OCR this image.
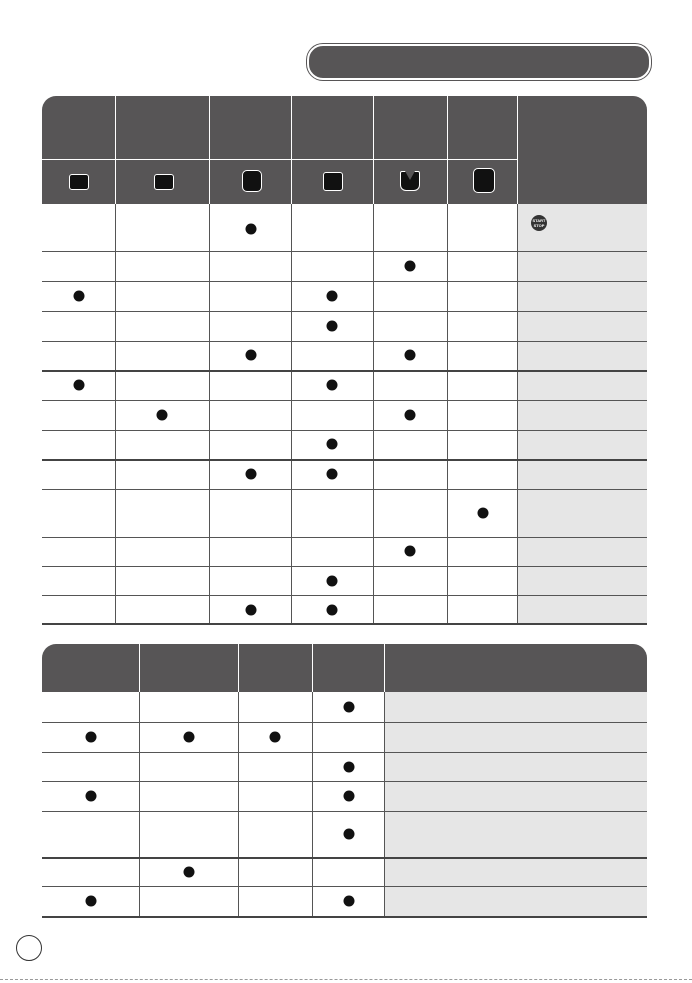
START STOP
